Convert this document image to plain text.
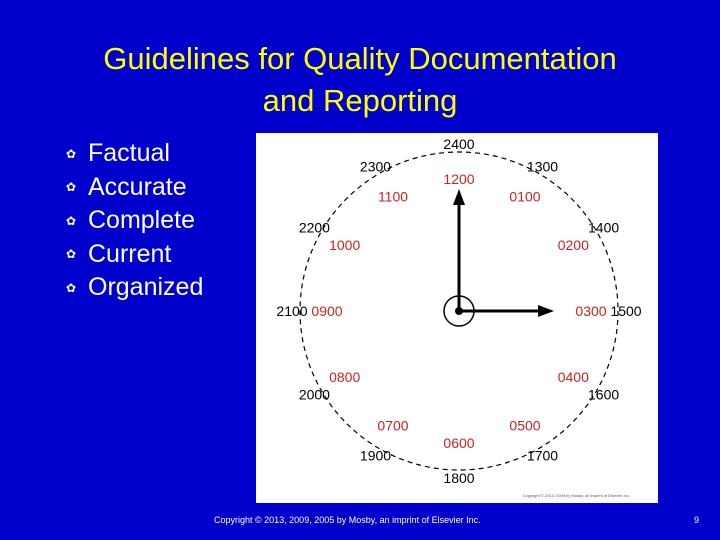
Guidelines for Quality Documentation
and Reporting
✿ Factual
✿ Accurate
✿ Complete
✿ Current
✿ Organized
2400
1300
1400
1500
1600
1700
1800
1900
2000
2100
2200
2300
1200
0100
0200
0300
0400
0500
0600
0700
0800
0900
1000
1100
Copyright © 2013, 2009 by Mosby, an imprint of Elsevier Inc.
Copyright © 2013, 2009, 2005 by Mosby, an imprint of Elsevier Inc.	9
